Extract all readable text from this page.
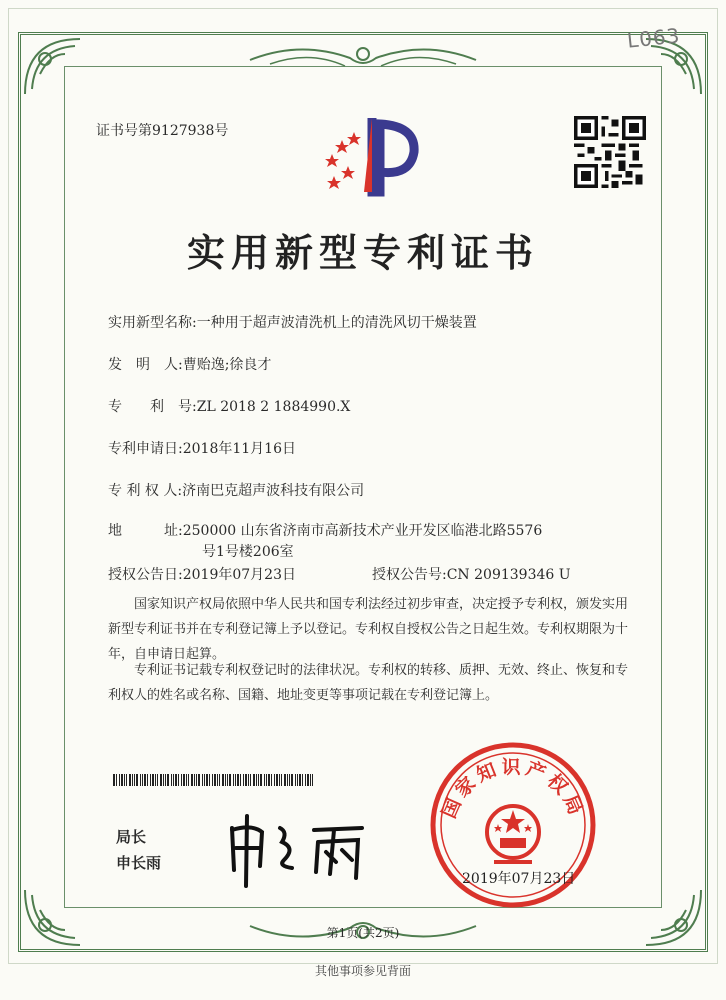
L063
证书号第9127938号
实用新型专利证书
实用新型名称:一种用于超声波清洗机上的清洗风切干燥装置
发　明　人:曹贻逸;徐良才
专　　利　号:ZL 2018 2 1884990.X
专利申请日:2018年11月16日
专 利 权 人:济南巴克超声波科技有限公司
地　　　址:250000 山东省济南市高新技术产业开发区临港北路5576
号1号楼206室
授权公告日:2019年07月23日	授权公告号:CN 209139346 U
国家知识产权局依照中华人民共和国专利法经过初步审查，决定授予专利权，颁发实用新型专利证书并在专利登记簿上予以登记。专利权自授权公告之日起生效。专利权期限为十年，自申请日起算。
专利证书记载专利权登记时的法律状况。专利权的转移、质押、无效、终止、恢复和专利权人的姓名或名称、国籍、地址变更等事项记载在专利登记簿上。
局长
申长雨
国家知识产权局
2019年07月23日
第1页(共2页)
其他事项参见背面
